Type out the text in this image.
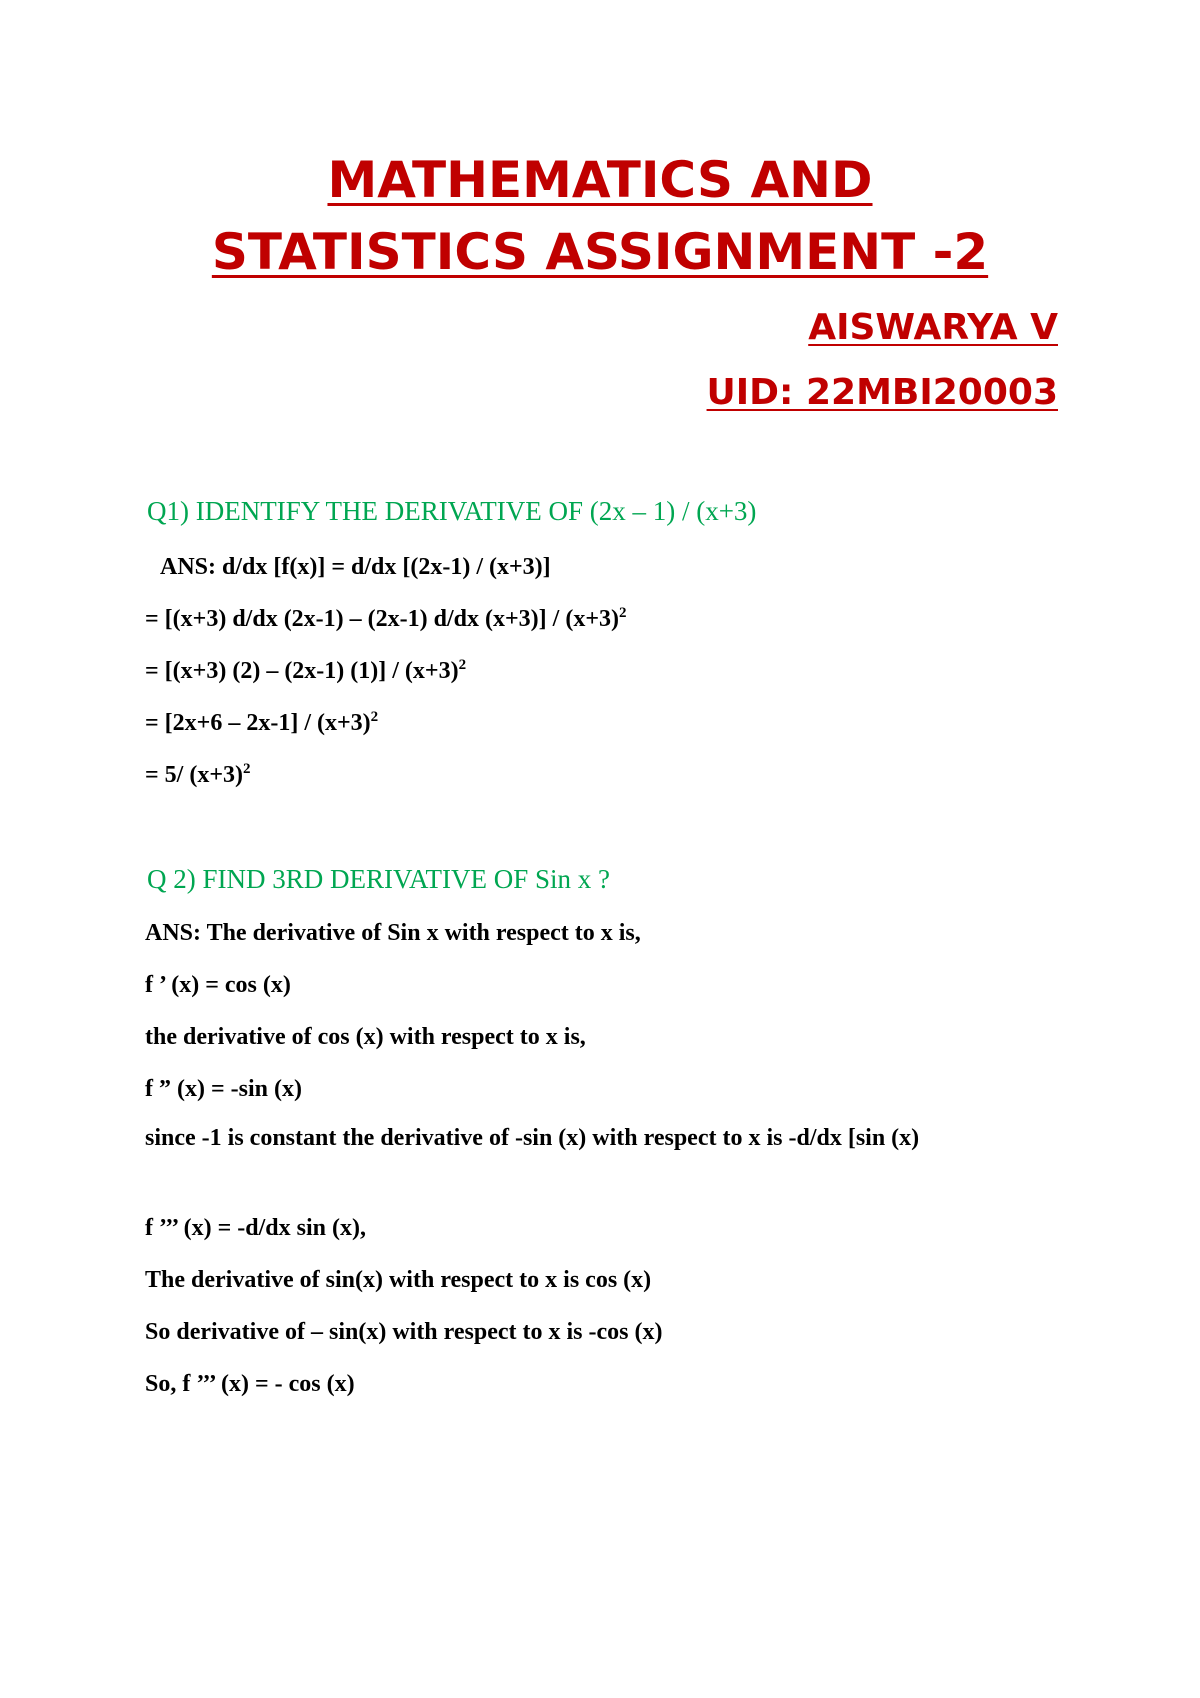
MATHEMATICS AND
STATISTICS ASSIGNMENT -2

AISWARYA V

UID: 22MBI20003

Q1) IDENTIFY THE DERIVATIVE OF (2x – 1) / (x+3)

ANS: d/dx [f(x)] = d/dx [(2x-1) / (x+3)]

= [(x+3) d/dx (2x-1) – (2x-1) d/dx $(x+3)] / (x+3)^2$

= [(x+3) (2) – (2x-1) $(1)] / (x+3)^2$

= $[2x+6 - 2x-1] / (x+3)^2$

= 5/ $(x+3)^2$

Q 2) FIND 3RD DERIVATIVE OF Sin x ?

ANS: The derivative of Sin x with respect to x is,

f ’ (x) = cos (x)

the derivative of cos (x) with respect to x is,

f ” (x) = -sin (x)

since -1 is constant the derivative of -sin (x) with respect to x is -d/dx [sin (x)

f ’’’ (x) = -d/dx sin (x),

The derivative of sin(x) with respect to x is cos (x)

So derivative of – sin(x) with respect to x is -cos (x)

So, f ’’’ (x) = - cos (x)
